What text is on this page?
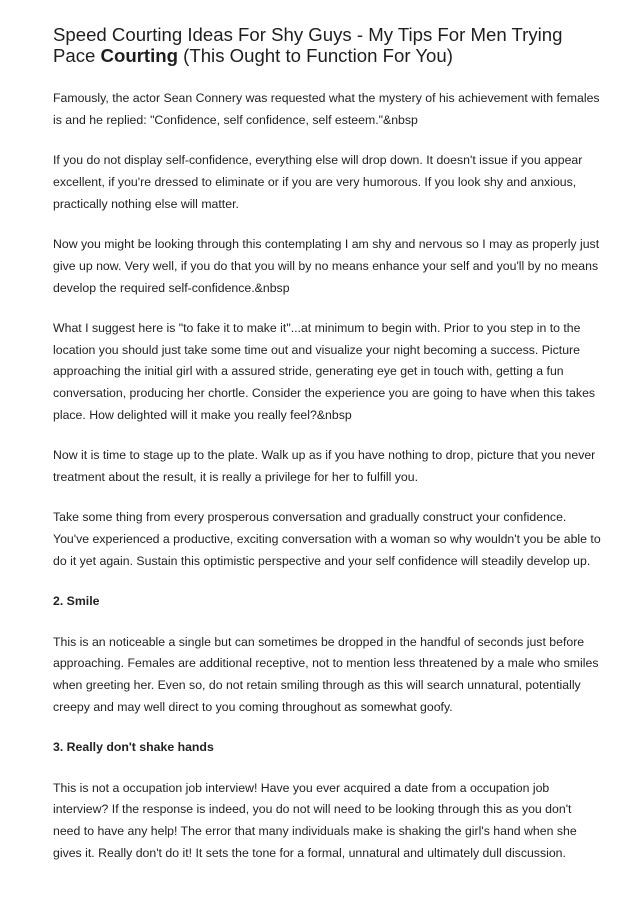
Speed Courting Ideas For Shy Guys - My Tips For Men Trying Pace Courting (This Ought to Function For You)

Famously, the actor Sean Connery was requested what the mystery of his achievement with females is and he replied: "Confidence, self confidence, self esteem."&nbsp

If you do not display self-confidence, everything else will drop down. It doesn't issue if you appear excellent, if you're dressed to eliminate or if you are very humorous. If you look shy and anxious, practically nothing else will matter.

Now you might be looking through this contemplating I am shy and nervous so I may as properly just give up now. Very well, if you do that you will by no means enhance your self and you'll by no means develop the required self-confidence.&nbsp

What I suggest here is "to fake it to make it"...at minimum to begin with. Prior to you step in to the location you should just take some time out and visualize your night becoming a success. Picture approaching the initial girl with a assured stride, generating eye get in touch with, getting a fun conversation, producing her chortle. Consider the experience you are going to have when this takes place. How delighted will it make you really feel?&nbsp

Now it is time to stage up to the plate. Walk up as if you have nothing to drop, picture that you never treatment about the result, it is really a privilege for her to fulfill you.

Take some thing from every prosperous conversation and gradually construct your confidence. You've experienced a productive, exciting conversation with a woman so why wouldn't you be able to do it yet again. Sustain this optimistic perspective and your self confidence will steadily develop up.

2. Smile

This is an noticeable a single but can sometimes be dropped in the handful of seconds just before approaching. Females are additional receptive, not to mention less threatened by a male who smiles when greeting her. Even so, do not retain smiling through as this will search unnatural, potentially creepy and may well direct to you coming throughout as somewhat goofy.

3. Really don't shake hands

This is not a occupation job interview! Have you ever acquired a date from a occupation job interview? If the response is indeed, you do not will need to be looking through this as you don't need to have any help! The error that many individuals make is shaking the girl's hand when she gives it. Really don't do it! It sets the tone for a formal, unnatural and ultimately dull discussion.
